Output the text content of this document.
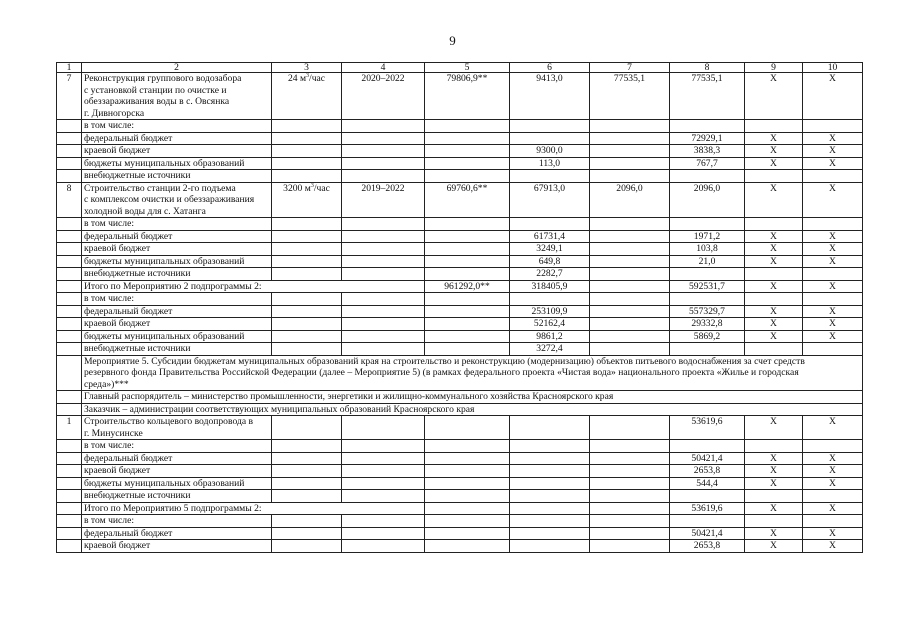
9
1	2	3	4	5	6	7	8	9	10
7	Реконструкция группового водозабора
с установкой станции по очистке и
обеззараживания воды в с. Овсянка
г. Дивногорска	24 $м^3$/час	2020–2022	79806,9**	9413,0	77535,1	77535,1	Х	Х
	в том числе:								
	федеральный бюджет						72929,1	Х	Х
	краевой бюджет				9300,0		3838,3	Х	Х
	бюджеты муниципальных образований				113,0		767,7	Х	Х
	внебюджетные источники								
8	Строительство станции 2-го подъема
с комплексом очистки и обеззараживания
холодной воды для с. Хатанга	3200 $м^3$/час	2019–2022	69760,6**	67913,0	2096,0	2096,0	Х	Х
	в том числе:								
	федеральный бюджет				61731,4		1971,2	Х	Х
	краевой бюджет				3249,1		103,8	Х	Х
	бюджеты муниципальных образований				649,8		21,0	Х	Х
	внебюджетные источники				2282,7				
	Итого по Мероприятию 2 подпрограммы 2:			961292,0**	318405,9		592531,7	Х	Х
	в том числе:								
	федеральный бюджет				253109,9		557329,7	Х	Х
	краевой бюджет				52162,4		29332,8	Х	Х
	бюджеты муниципальных образований				9861,2		5869,2	Х	Х
	внебюджетные источники				3272,4				

	Мероприятие 5. Субсидии бюджетам муниципальных образований края на строительство и реконструкцию (модернизацию) объектов питьевого водоснабжения за счет средств
резервного фонда Правительства Российской Федерации (далее – Мероприятие 5) (в рамках федерального проекта «Чистая вода» национального проекта «Жилье и городская
среда»)***								

	Главный распорядитель – министерство промышленности, энергетики и жилищно-коммунального хозяйства Красноярского края								
	Заказчик – администрации соответствующих муниципальных образований Красноярского края								
1	Строительство кольцевого водопровода в
г. Минусинске						53619,6	Х	Х
	в том числе:								
	федеральный бюджет						50421,4	Х	Х
	краевой бюджет						2653,8	Х	Х
	бюджеты муниципальных образований						544,4	Х	Х
	внебюджетные источники								
	Итого по Мероприятию 5 подпрограммы 2:						53619,6	Х	Х
	в том числе:								
	федеральный бюджет						50421,4	Х	Х
	краевой бюджет						2653,8	Х	Х
